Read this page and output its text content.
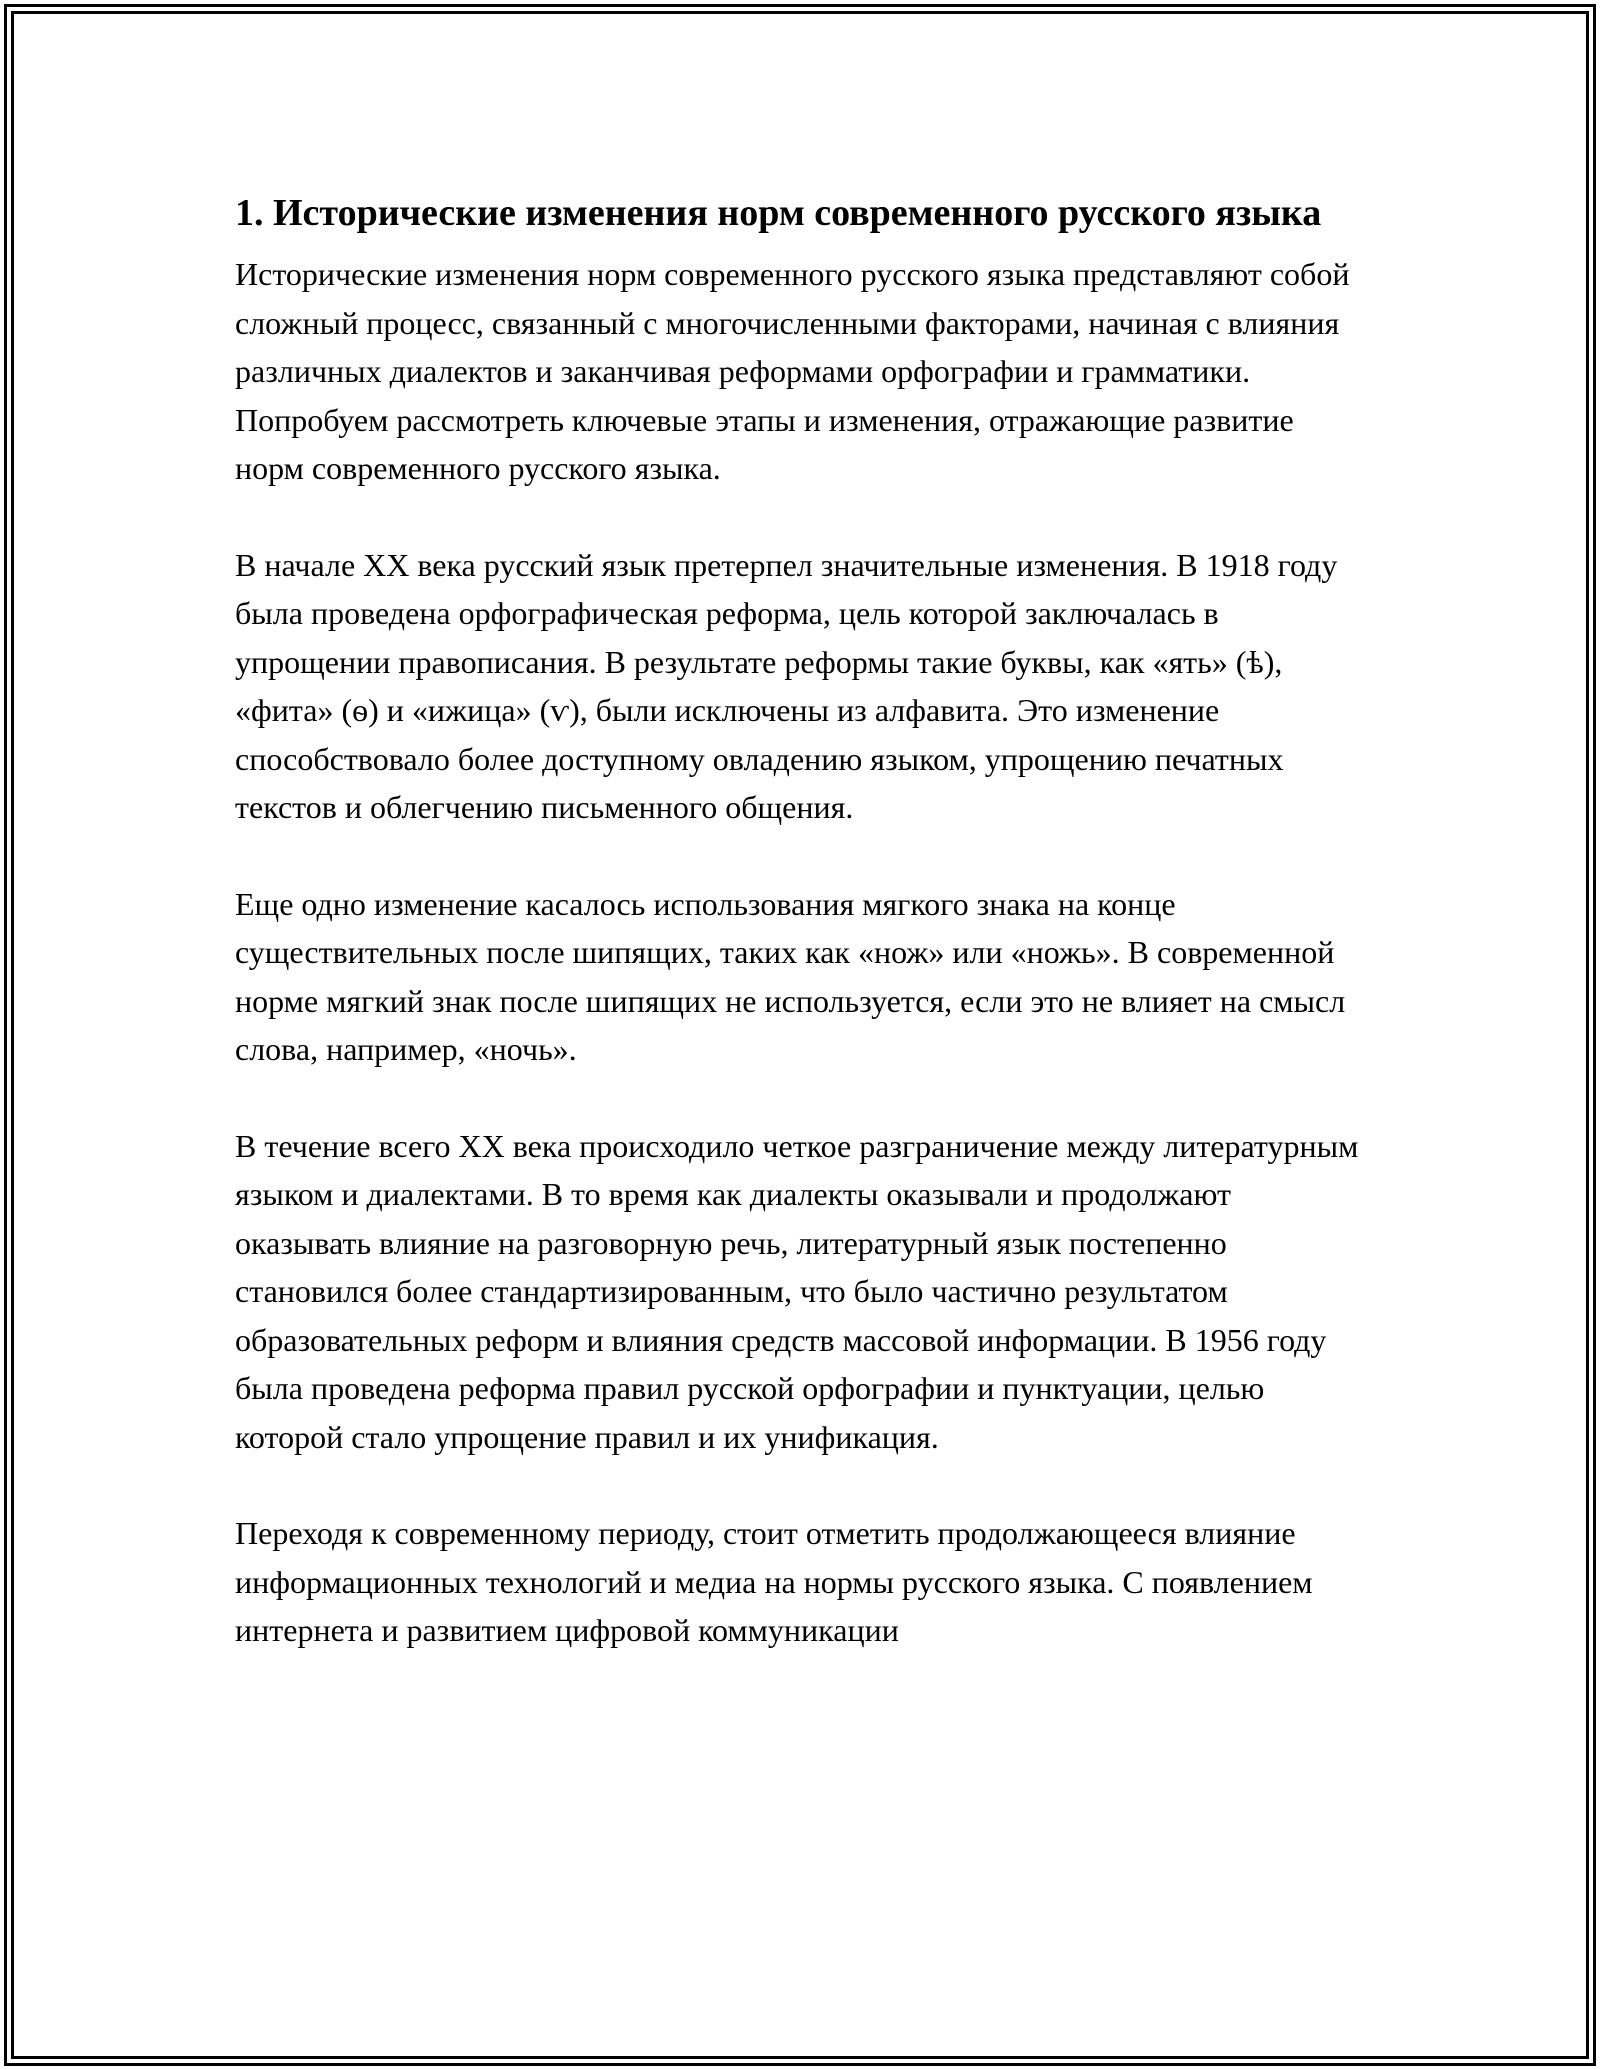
1. Исторические изменения норм современного русского языка

Исторические изменения норм современного русского языка представляют собой сложный процесс, связанный с многочисленными факторами, начиная с влияния различных диалектов и заканчивая реформами орфографии и грамматики. Попробуем рассмотреть ключевые этапы и изменения, отражающие развитие норм современного русского языка.

В начале XX века русский язык претерпел значительные изменения. В 1918 году была проведена орфографическая реформа, цель которой заключалась в упрощении правописания. В результате реформы такие буквы, как «ять» (ѣ), «фита» (ѳ) и «ижица» (ѵ), были исключены из алфавита. Это изменение способствовало более доступному овладению языком, упрощению печатных текстов и облегчению письменного общения.

Еще одно изменение касалось использования мягкого знака на конце существительных после шипящих, таких как «нож» или «ножь». В современной норме мягкий знак после шипящих не используется, если это не влияет на смысл слова, например, «ночь».

В течение всего XX века происходило четкое разграничение между литературным языком и диалектами. В то время как диалекты оказывали и продолжают оказывать влияние на разговорную речь, литературный язык постепенно становился более стандартизированным, что было частично результатом образовательных реформ и влияния средств массовой информации. В 1956 году была проведена реформа правил русской орфографии и пунктуации, целью которой стало упрощение правил и их унификация.

Переходя к современному периоду, стоит отметить продолжающееся влияние информационных технологий и медиа на нормы русского языка. С появлением интернета и развитием цифровой коммуникации
